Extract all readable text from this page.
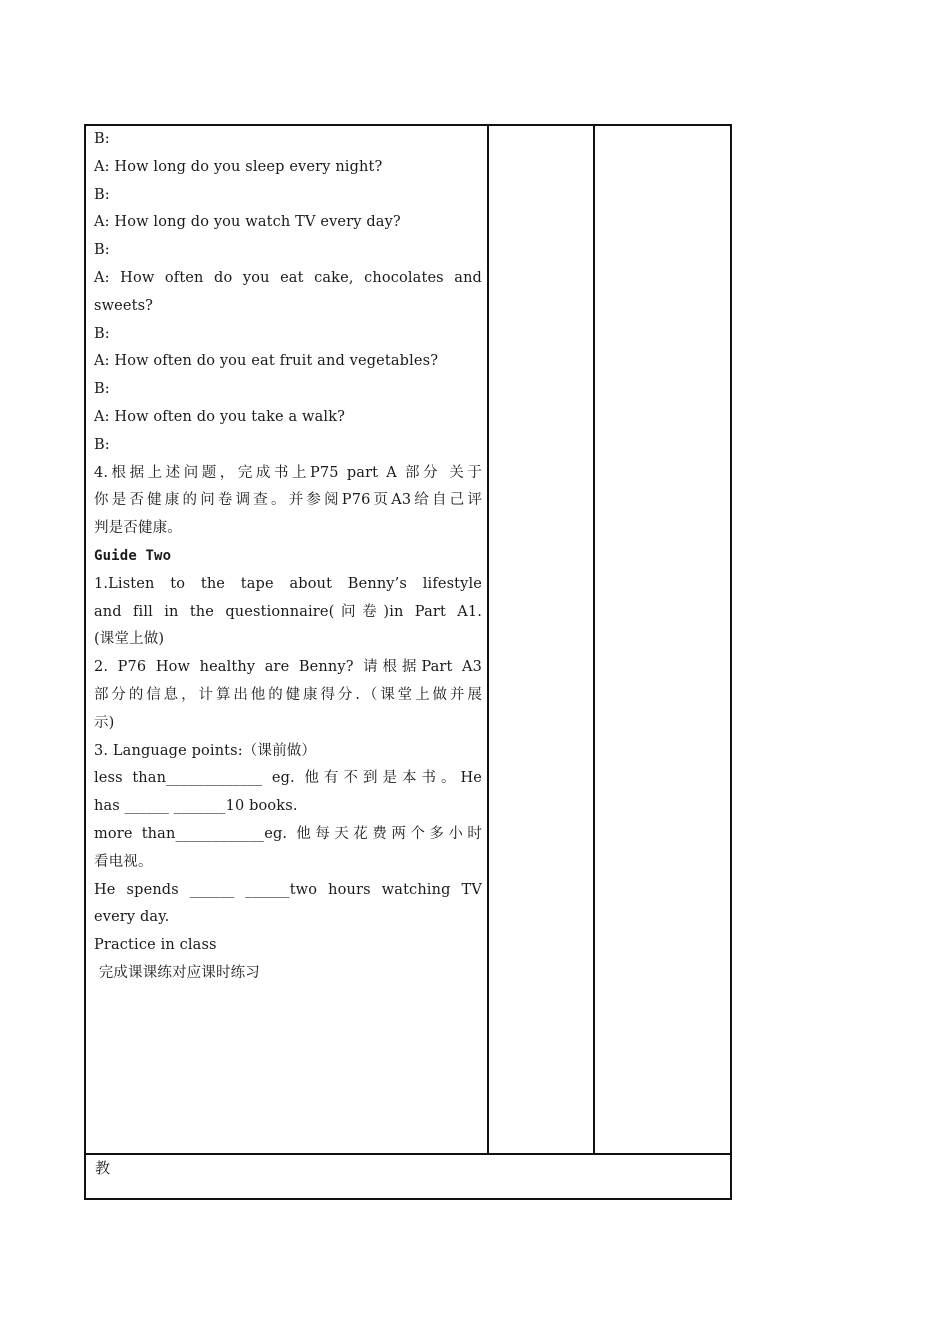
B:
A: How long do you sleep every night?
B:
A: How long do you watch TV every day?
B:
A: How often do you eat cake, chocolates and
sweets?
B:
A: How often do you eat fruit and vegetables?
B:
A: How often do you take a walk?
B:
4.根据上述问题，完成书上P75 part A 部分 关于
你是否健康的问卷调查。并参阅P76页A3给自己评
判是否健康。
Guide Two
1.Listen to the tape about Benny’s lifestyle
and fill in the questionnaire(问卷)in Part A1.
(课堂上做)
2. P76 How healthy are Benny? 请根据Part A3
部分的信息，计算出他的健康得分.（课堂上做并展
示)
3. Language points:（课前做）
less than_____________ eg. 他有不到是本书。He
has ______ _______10 books.
more than____________eg. 他每天花费两个多小时
看电视。
He spends ______ ______two hours watching TV
every day.
Practice in class
完成课课练对应课时练习
教
